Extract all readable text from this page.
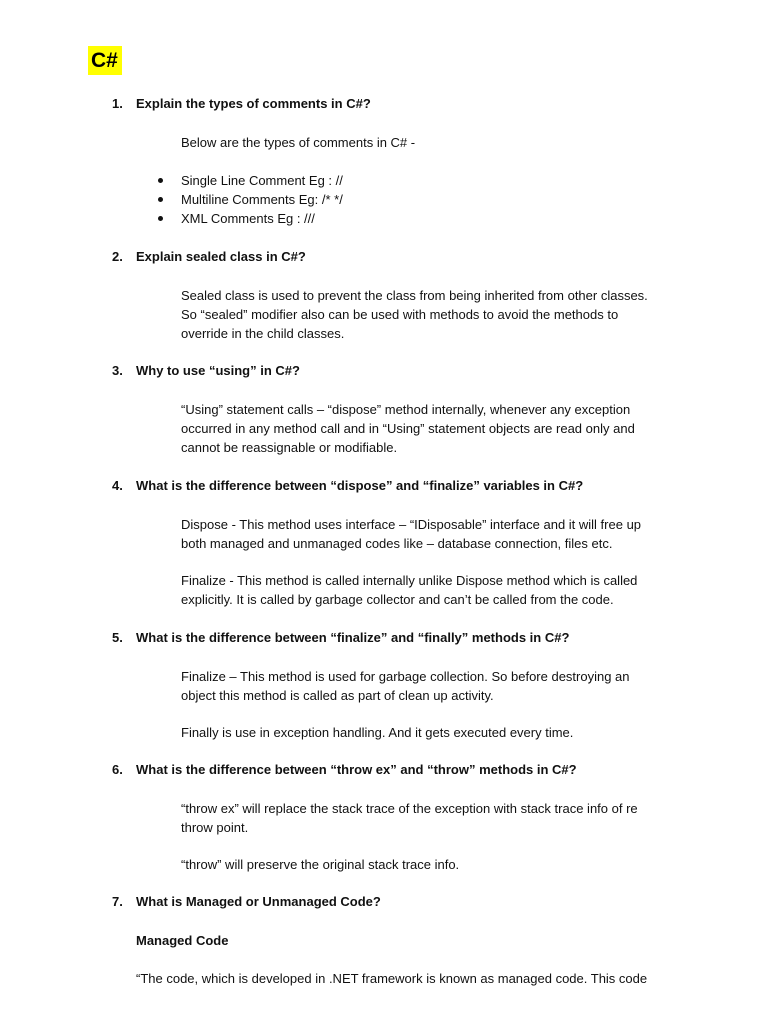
C#
1. Explain the types of comments in C#?

Below are the types of comments in C# -

Single Line Comment Eg : //
Multiline Comments Eg: /* */
XML Comments Eg : ///
2. Explain sealed class in C#?

Sealed class is used to prevent the class from being inherited from other classes.

So “sealed” modifier also can be used with methods to avoid the methods to

override in the child classes.

3. Why to use “using” in C#?

“Using” statement calls – “dispose” method internally, whenever any exception

occurred in any method call and in “Using” statement objects are read only and

cannot be reassignable or modifiable.

4. What is the difference between “dispose” and “finalize” variables in C#?

Dispose - This method uses interface – “IDisposable” interface and it will free up

both managed and unmanaged codes like – database connection, files etc.

Finalize - This method is called internally unlike Dispose method which is called

explicitly. It is called by garbage collector and can’t be called from the code.

5. What is the difference between “finalize” and “finally” methods in C#?

Finalize – This method is used for garbage collection. So before destroying an

object this method is called as part of clean up activity.

Finally is use in exception handling. And it gets executed every time.

6. What is the difference between “throw ex” and “throw” methods in C#?

“throw ex” will replace the stack trace of the exception with stack trace info of re

throw point.

“throw” will preserve the original stack trace info.

7. What is Managed or Unmanaged Code?
Managed Code
“The code, which is developed in .NET framework is known as managed code. This code
